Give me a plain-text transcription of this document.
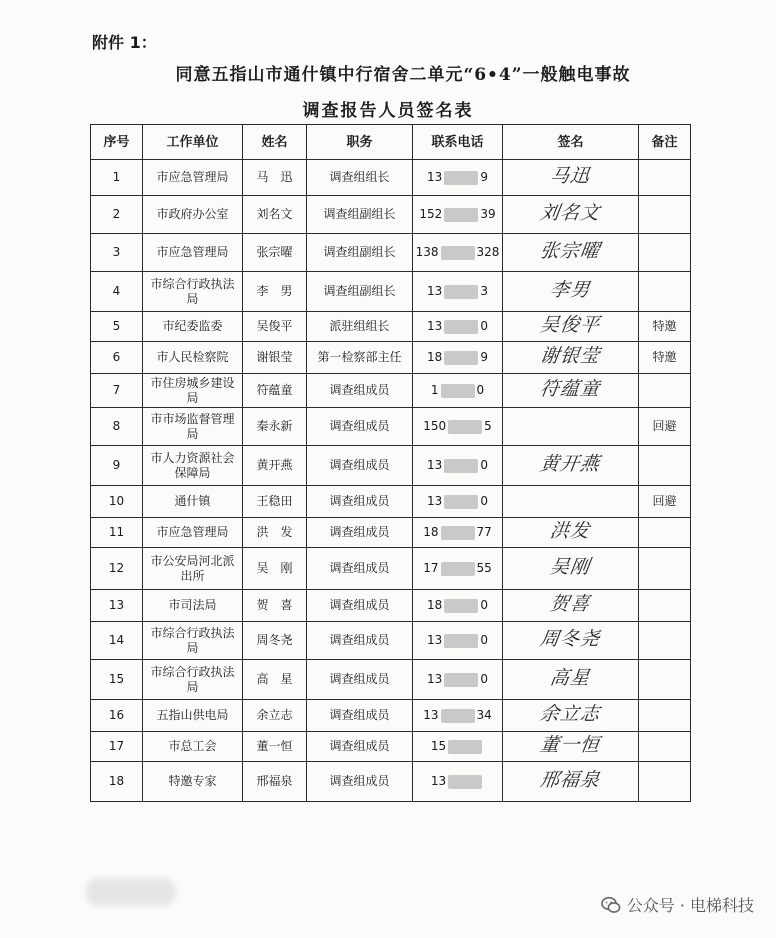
附件 1：
同意五指山市通什镇中行宿舍二单元“6•4”一般触电事故
调查报告人员签名表
序号	工作单位	姓名	职务	联系电话	签名	备注
1	市应急管理局	马　迅	调查组组长	13 9	马迅	
2	市政府办公室	刘名文	调查组副组长	152 39	刘名文	
3	市应急管理局	张宗曜	调查组副组长	138 328	张宗曜	
4	市综合行政执法局	李　男	调查组副组长	13 3	李男	
5	市纪委监委	吴俊平	派驻组组长	13 0	吴俊平	特邀
6	市人民检察院	谢银莹	第一检察部主任	18 9	谢银莹	特邀
7	市住房城乡建设局	符蕴童	调查组成员	1 0	符蕴童	
8	市市场监督管理局	秦永新	调查组成员	150 5		回避
9	市人力资源社会保障局	黄开燕	调查组成员	13 0	黄开燕	
10	通什镇	王稳田	调查组成员	13 0		回避
11	市应急管理局	洪　发	调查组成员	18 77	洪发	
12	市公安局河北派出所	吴　刚	调查组成员	17 55	吴刚	
13	市司法局	贺　喜	调查组成员	18 0	贺喜	
14	市综合行政执法局	周冬尧	调查组成员	13 0	周冬尧	
15	市综合行政执法局	高　星	调查组成员	13 0	高星	
16	五指山供电局	余立志	调查组成员	13 34	余立志	
17	市总工会	董一恒	调查组成员	15	董一恒	
18	特邀专家	邢福泉	调查组成员	13	邢福泉	
公众号 · 电梯科技
